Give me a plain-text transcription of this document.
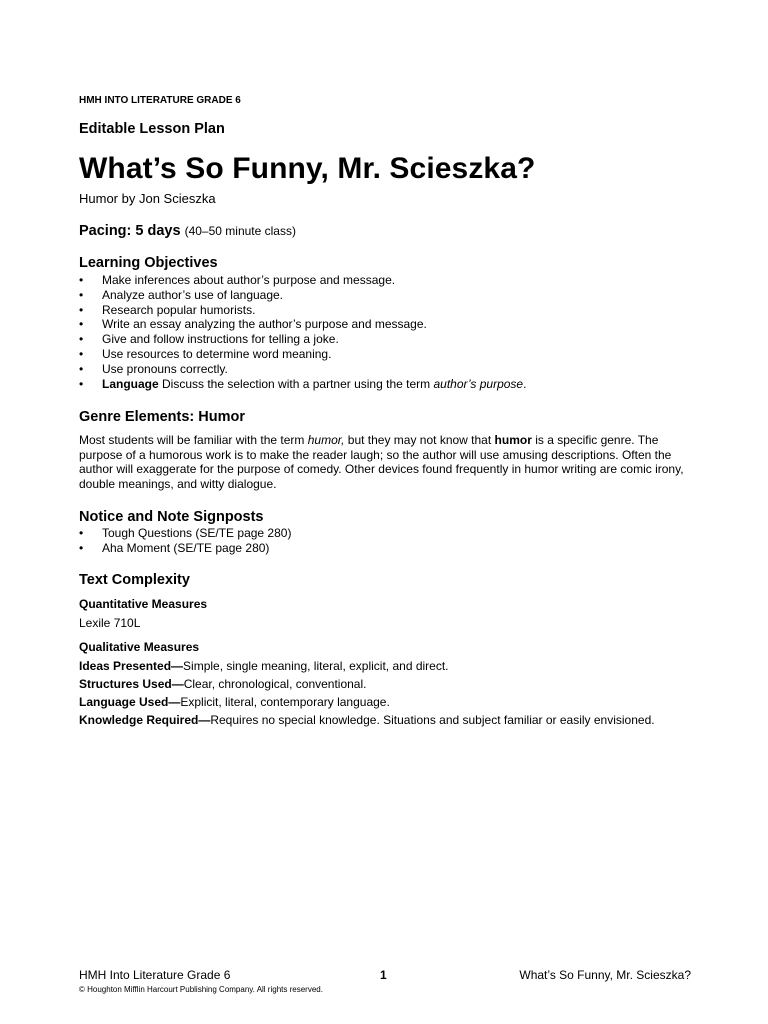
HMH INTO LITERATURE GRADE 6
Editable Lesson Plan
What’s So Funny, Mr. Scieszka?
Humor by Jon Scieszka
Pacing: 5 days (40–50 minute class)
Learning Objectives
• Make inferences about author’s purpose and message.
• Analyze author’s use of language.
• Research popular humorists.
• Write an essay analyzing the author’s purpose and message.
• Give and follow instructions for telling a joke.
• Use resources to determine word meaning.
• Use pronouns correctly.
• Language Discuss the selection with a partner using the term author’s purpose.
Genre Elements: Humor

Most students will be familiar with the term humor, but they may not know that humor is a specific genre. The purpose of a humorous work is to make the reader laugh; so the author will use amusing descriptions. Often the author will exaggerate for the purpose of comedy. Other devices found frequently in humor writing are comic irony, double meanings, and witty dialogue.

Notice and Note Signposts
• Tough Questions (SE/TE page 280)
• Aha Moment (SE/TE page 280)
Text Complexity
Quantitative Measures
Lexile 710L
Qualitative Measures
Ideas Presented—Simple, single meaning, literal, explicit, and direct.
Structures Used—Clear, chronological, conventional.
Language Used—Explicit, literal, contemporary language.
Knowledge Required—Requires no special knowledge. Situations and subject familiar or easily envisioned.
HMH Into Literature Grade 6	1	What’s So Funny, Mr. Scieszka?
© Houghton Mifflin Harcourt Publishing Company. All rights reserved.
